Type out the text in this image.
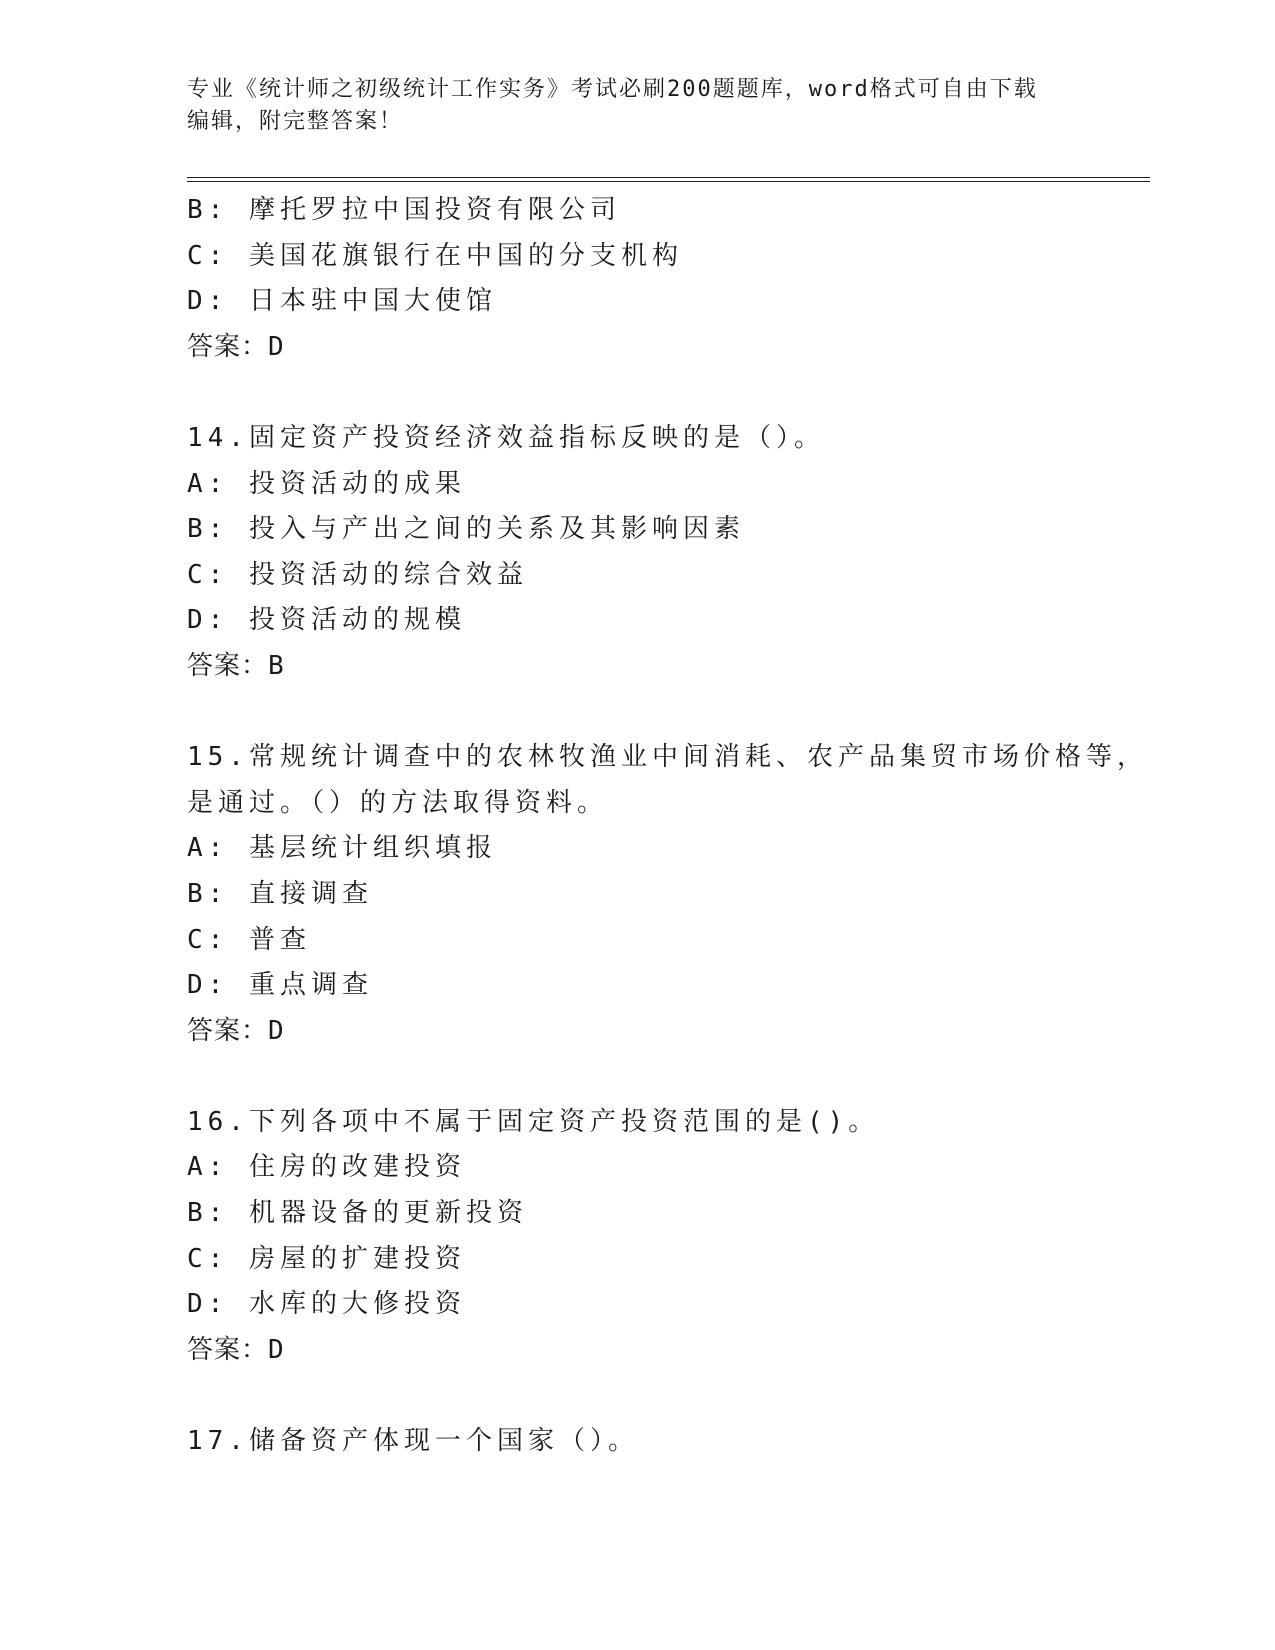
专业《统计师之初级统计工作实务》考试必刷200题题库，word格式可自由下载
编辑，附完整答案！
B: 摩托罗拉中国投资有限公司
C: 美国花旗银行在中国的分支机构
D: 日本驻中国大使馆
答案：D
14.固定资产投资经济效益指标反映的是（）。
A: 投资活动的成果
B: 投入与产出之间的关系及其影响因素
C: 投资活动的综合效益
D: 投资活动的规模
答案：B
15.常规统计调查中的农林牧渔业中间消耗、农产品集贸市场价格等，
是通过。（）的方法取得资料。
A: 基层统计组织填报
B: 直接调查
C: 普查
D: 重点调查
答案：D
16.下列各项中不属于固定资产投资范围的是()。
A: 住房的改建投资
B: 机器设备的更新投资
C: 房屋的扩建投资
D: 水库的大修投资
答案：D
17.储备资产体现一个国家（）。
